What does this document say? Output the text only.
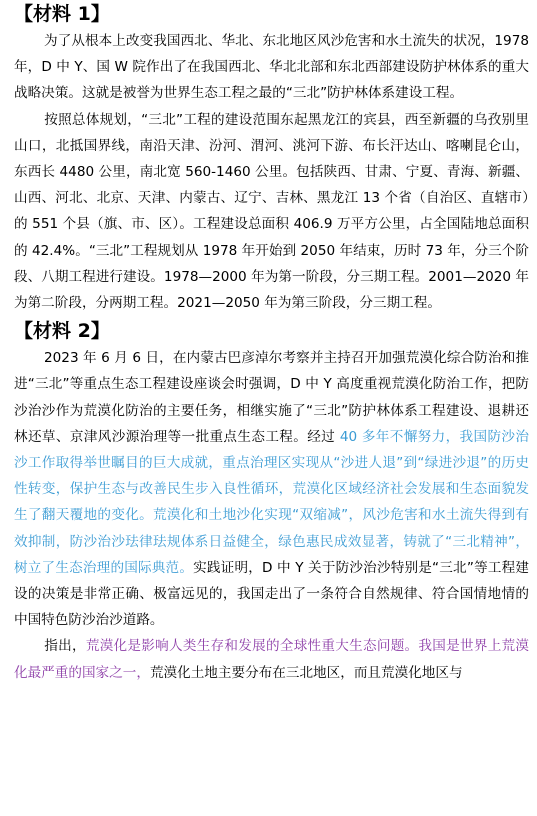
【材料 1】

为了从根本上改变我国西北、华北、东北地区风沙危害和水土流失的状况，1978 年，D 中 Y、国 W 院作出了在我国西北、华北北部和东北西部建设防护林体系的重大战略决策。这就是被誉为世界生态工程之最的“三北”防护林体系建设工程。

按照总体规划，“三北”工程的建设范围东起黑龙江的宾县，西至新疆的乌孜别里山口，北抵国界线，南沿天津、汾河、渭河、洮河下游、布长汗达山、喀喇昆仑山，东西长 4480 公里，南北宽 560-1460 公里。包括陕西、甘肃、宁夏、青海、新疆、山西、河北、北京、天津、内蒙古、辽宁、吉林、黑龙江 13 个省（自治区、直辖市）的 551 个县（旗、市、区）。工程建设总面积 406.9 万平方公里，占全国陆地总面积的 42.4%。“三北”工程规划从 1978 年开始到 2050 年结束，历时 73 年，分三个阶段、八期工程进行建设。1978—2000 年为第一阶段，分三期工程。2001—2020 年为第二阶段，分两期工程。2021—2050 年为第三阶段，分三期工程。

【材料 2】

2023 年 6 月 6 日，在内蒙古巴彦淖尔考察并主持召开加强荒漠化综合防治和推进“三北”等重点生态工程建设座谈会时强调，D 中 Y 高度重视荒漠化防治工作，把防沙治沙作为荒漠化防治的主要任务，相继实施了“三北”防护林体系工程建设、退耕还林还草、京津风沙源治理等一批重点生态工程。经过 40 多年不懈努力，我国防沙治沙工作取得举世瞩目的巨大成就，重点治理区实现从“沙进人退”到“绿进沙退”的历史性转变，保护生态与改善民生步入良性循环，荒漠化区域经济社会发展和生态面貌发生了翻天覆地的变化。荒漠化和土地沙化实现“双缩减”，风沙危害和水土流失得到有效抑制，防沙治沙珐律珐规体系日益健全，绿色惠民成效显著，铸就了“三北精神”，树立了生态治理的国际典范。实践证明，D 中 Y 关于防沙治沙特别是“三北”等工程建设的决策是非常正确、极富远见的，我国走出了一条符合自然规律、符合国情地情的中国特色防沙治沙道路。

指出，荒漠化是影响人类生存和发展的全球性重大生态问题。我国是世界上荒漠化最严重的国家之一，荒漠化土地主要分布在三北地区，而且荒漠化地区与
